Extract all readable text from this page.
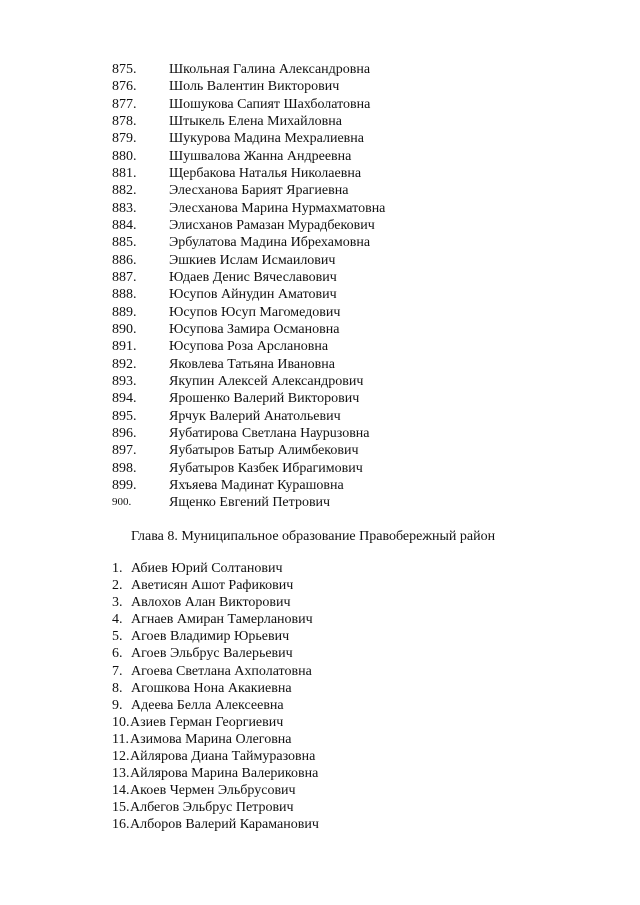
875.	Школьная Галина Александровна
876.	Шоль Валентин Викторович
877.	Шошукова Сапият Шахболатовна
878.	Штыкель Елена Михайловна
879.	Шукурова Мадина Мехралиевна
880.	Шушвалова Жанна Андреевна
881.	Щербакова Наталья Николаевна
882.	Элесханова Барият Ярагиевна
883.	Элесханова Марина Нурмахматовна
884.	Элисханов Рамазан Мурадбекович
885.	Эрбулатова Мадина Ибрехамовна
886.	Эшкиев Ислам Исмаилович
887.	Юдаев Денис Вячеславович
888.	Юсупов Айнудин Аматович
889.	Юсупов Юсуп Магомедович
890.	Юсупова Замира Османовна
891.	Юсупова Роза Арслановна
892.	Яковлева Татьяна Ивановна
893.	Якупин Алексей Александрович
894.	Ярошенко Валерий Викторович
895.	Ярчук Валерий Анатольевич
896.	Яубатирова Светлана Наурuзовна
897.	Яубатыров Батыр Алимбекович
898.	Яубатыров Казбек Ибрагимович
899.	Яхъяева Мадинат Курашовна
900.	Ященко Евгений Петрович
Глава 8. Муниципальное образование Правобережный район
1. Абиев Юрий Солтанович
2. Аветисян Ашот Рафикович
3. Авлохов Алан Викторович
4. Агнаев Амиран Тамерланович
5. Агоев Владимир Юрьевич
6. Агоев Эльбрус Валерьевич
7. Агоева Светлана Ахполатовна
8. Агошкова Нона Акакиевна
9. Адеева Белла Алексеевна
10. Азиев Герман Георгиевич
11. Азимова Марина Олеговна
12. Айлярова Диана Таймуразовна
13. Айлярова Марина Валериковна
14. Акоев Чермен Эльбрусович
15. Албегов Эльбрус Петрович
16. Алборов Валерий Караманович
